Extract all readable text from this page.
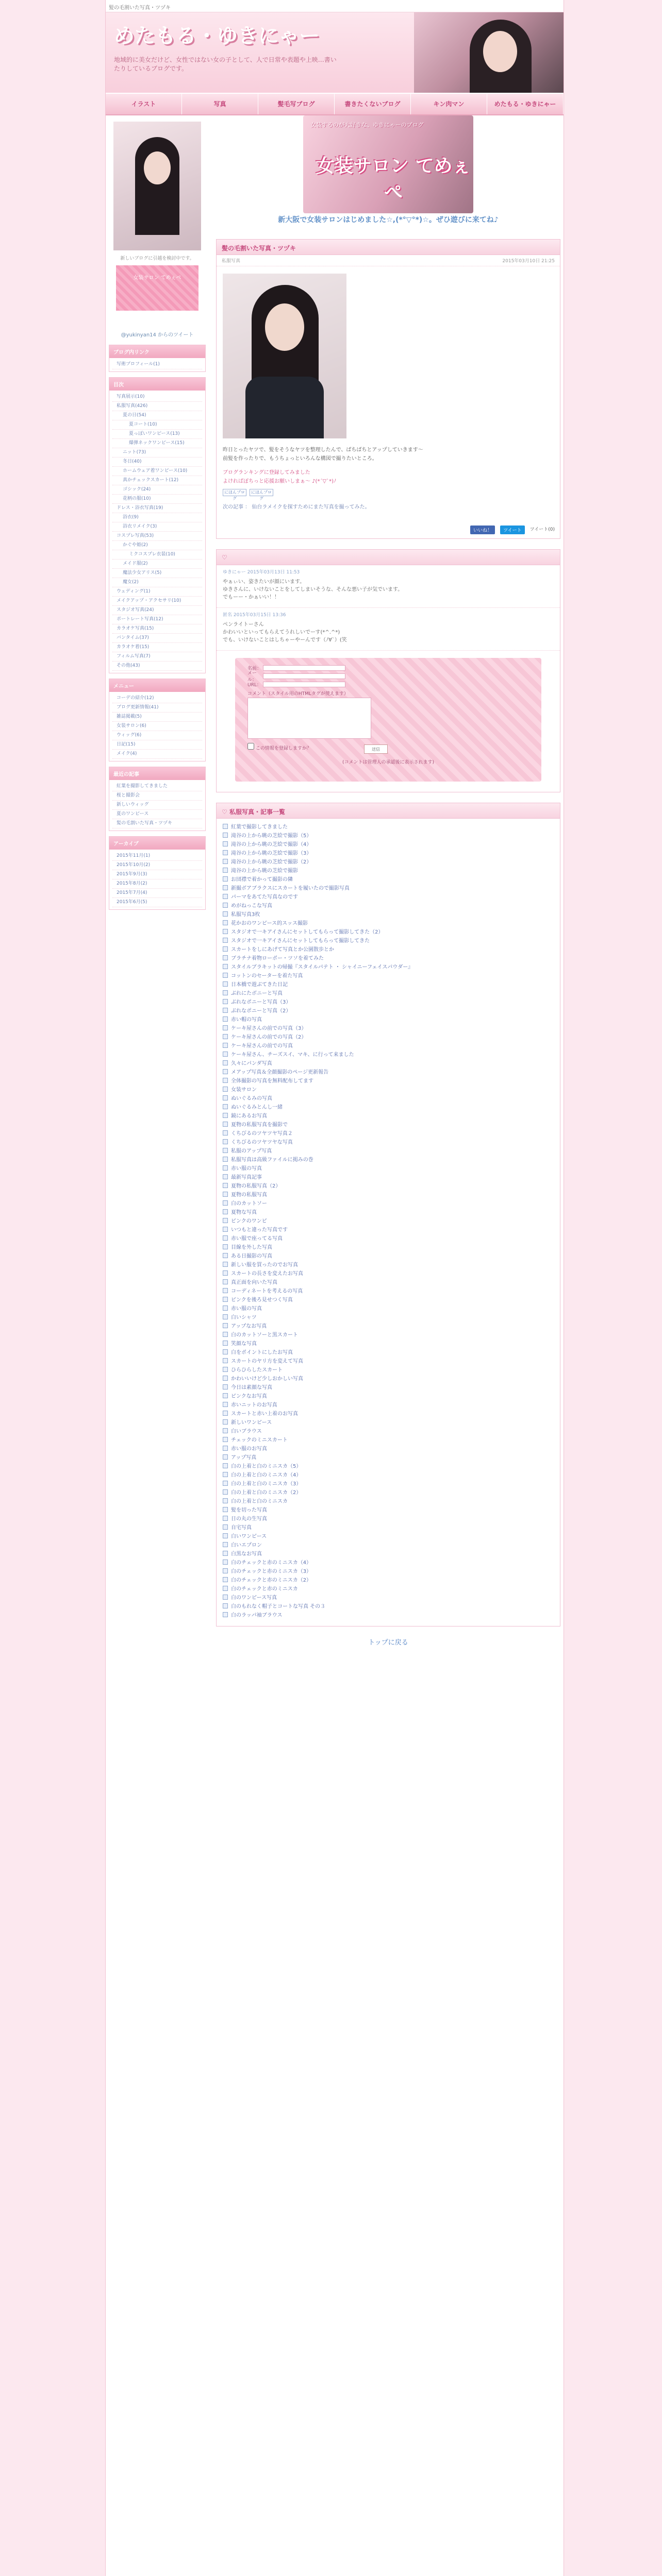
髪の毛割いた写真・ツヅキ
めたもる・ゆきにゃー
地域的に美女だけど、女性ではない女の子として、人で日常や表題や上映…書いたりしているブログです。
イラスト	写真	髪毛写ブログ	書きたくないブログ	キン肉マン	めたもる・ゆきにゃー
新しいブログに引越を検討中です。
女装サロン てめぇぺ
@yukinyan14 からのツイート
ブログ内リンク
写術プロフィール(1)
目次
写真展示(10)
私服写真(426)
夏の日(54)
夏コート(10)
夏っぽいワンピース(13)
爆弾ネックワンピース(15)
ニット(73)
冬日(40)
ホームウェア着ワンピース(10)
真かチェックスカート(12)
ゴシック(24)
花柄の服(10)
ドレス・浴衣写真(19)
浴衣(9)
浴衣リメイク(3)
コスプレ写真(53)
かぐや姫(2)
ミクコスプレ衣装(10)
メイド服(2)
魔法少女アリス(5)
魔女(2)
ウェディング(1)
メイクアップ・アクセサリ(10)
スタジオ写真(24)
ポートレート写真(12)
カラオケ写真(15)
バンタイム(37)
カラオケ着(15)
フィルム写真(7)
その他(43)
メニュー
コーデの紹介(12)
ブログ更新情報(41)
雑誌掲載(5)
女装サロン(6)
ウィッグ(6)
日記(15)
メイク(4)
最近の記事
紅葉を撮影してきました
桜と撮影会
新しいウィッグ
夏のワンピース
髪の毛割いた写真・ツヅキ
アーカイブ
2015年11月(1)
2015年10月(2)
2015年9月(3)
2015年8月(2)
2015年7月(4)
2015年6月(5)
女装するのが大好きな、ゆきにゃーのブログ
女装サロン てめぇぺ
新大阪で女装サロンはじめました☆,(*°▽°*)☆。ぜひ遊びに来てね♪
髪の毛割いた写真・ツヅキ
私服写真	2015年03月10日 21:25
昨日とったヤツで、髪をそうなヤツを整理したんで、ばちばちとアップしていきます〜
前髪を作ったりで、もうちょっといろんな構図で撮りたいところ。
ブログランキングに登録してみました
よければぽちっと応援お願いしまぁ〜 ♪(*´▽`*)ﾉ
にほんブログ
にほんブログ
次の記事 ： 仙台ラメイクを探すためにまた写真を撮ってみた。
いいね！	ツイート	ツイート(0)
♡
ゆきにゃー 2015年03月13日 11:53

やぁぃい、姿きたいが顔にいます。

ゆきさんに、いけないことをしてしまいそうな、そんな悪い子が気でいます。

でもーー・かぁいい！！

匿名 2015年03月15日 13:36

ぺンライトーさん

かわいいといってもらえてうれしいでーす(*^.^*)

でも、いけないことはしちゃーやーんです（ﾉ∀`）(笑

名前：
メール：
URL：
コメント（スタイル用のHTMLタグが使えます）
送信
この情報を登録しますか？
(コメントは管理人の承認後に表示されます)
♡ 私服写真・記事一覧
紅葉で撮影してきました
滝谷の上から眺の芝絵で撮影（5）
滝谷の上から眺の芝絵で撮影（4）
滝谷の上から眺の芝絵で撮影（3）
滝谷の上から眺の芝絵で撮影（2）
滝谷の上から眺の芝絵で撮影
お団襟で着かって撮影の隣
新撮ボアブラクスにスカートを履いたので撮影写真
パーマをあてた写真なのです
めがねっこな写真
私服写真3枚
花かおのワンピース的スッス撮影
スタジオで一キアイさんにセットしてもらって撮影してきた（2）
スタジオで一キアイさんにセットしてもらって撮影してきた
スカートをしにあげて写真とか公園散歩とか
ブラチナ着物ローポー・ツソを着てみた
スタイルブラキットの帰撮『スタイルパテト ・ シャイニーフェイスパウダー』
コットンのセーターを着た写真
日本橋で遊ぶてきた日記
ぶれにたボニーと写真
ぶれなポニーと写真（3）
ぶれなポニーと写真（2）
赤い帽の写真
ケーキ屋さんの前での写真（3）
ケーキ屋さんの前での写真（2）
ケーキ屋さんの前での写真
ケーキ屋さん、チーズスイ、マキ、に行って来ました
久々にパンダ写真
メアップ写真＆全顔撮影のページ更新報告
全体撮影の写真を無料配布してます
女装サロン
ぬいぐるみの写真
ぬいぐるみとんし一緒
鏡にあるお写真
夏物の私服写真を撮影で
くちびるのツヤツヤ写真２
くちびるのツヤツヤな写真
私服のアップ写真
私服写真は高級ファイルに掲みの巻
赤い服の写真
最新写真記事
夏物の私服写真（2）
夏物の私服写真
白のカットソー
夏物な写真
ピンクのワンピ
いつもと違った写真です
赤い服で座ってる写真
目線を外した写真
ある日撮影の写真
新しい服を買ったのでお写真
スカートの長さを変えたお写真
真正面を向いた写真
コーディネートを考えるの写真
ピンクを後ろ見せつく写真
赤い服の写真
白いシャツ
アップなお写真
白のカットソーと黒スカート
笑顔な写真
白をポイントにしたお写真
スカートのヤリ方を変えて写真
ひらひらしたスカート
かわいいけど少しおかしい写真
今日は素顔な写真
ピンクなお写真
赤いニットのお写真
スカートと赤い上着のお写真
新しいワンピース
白いブラウス
チェックのミニスカート
赤い服のお写真
アップ写真
白の上着と白のミニスカ（5）
白の上着と白のミニスカ（4）
白の上着と白のミニスカ（3）
白の上着と白のミニスカ（2）
白の上着と白のミニスカ
髪を切った写真
日の丸の生写真
自宅写真
白いワンピース
白いエプロン
白黒なお写真
白のチェックと赤のミニスカ（4）
白のチェックと赤のミニスカ（3）
白のチェックと赤のミニスカ（2）
白のチェックと赤のミニスカ
白のワンピース写真
白のもれなく帽子とコートな写真 その３
白のラッパ袖ブラウス
トップに戻る
